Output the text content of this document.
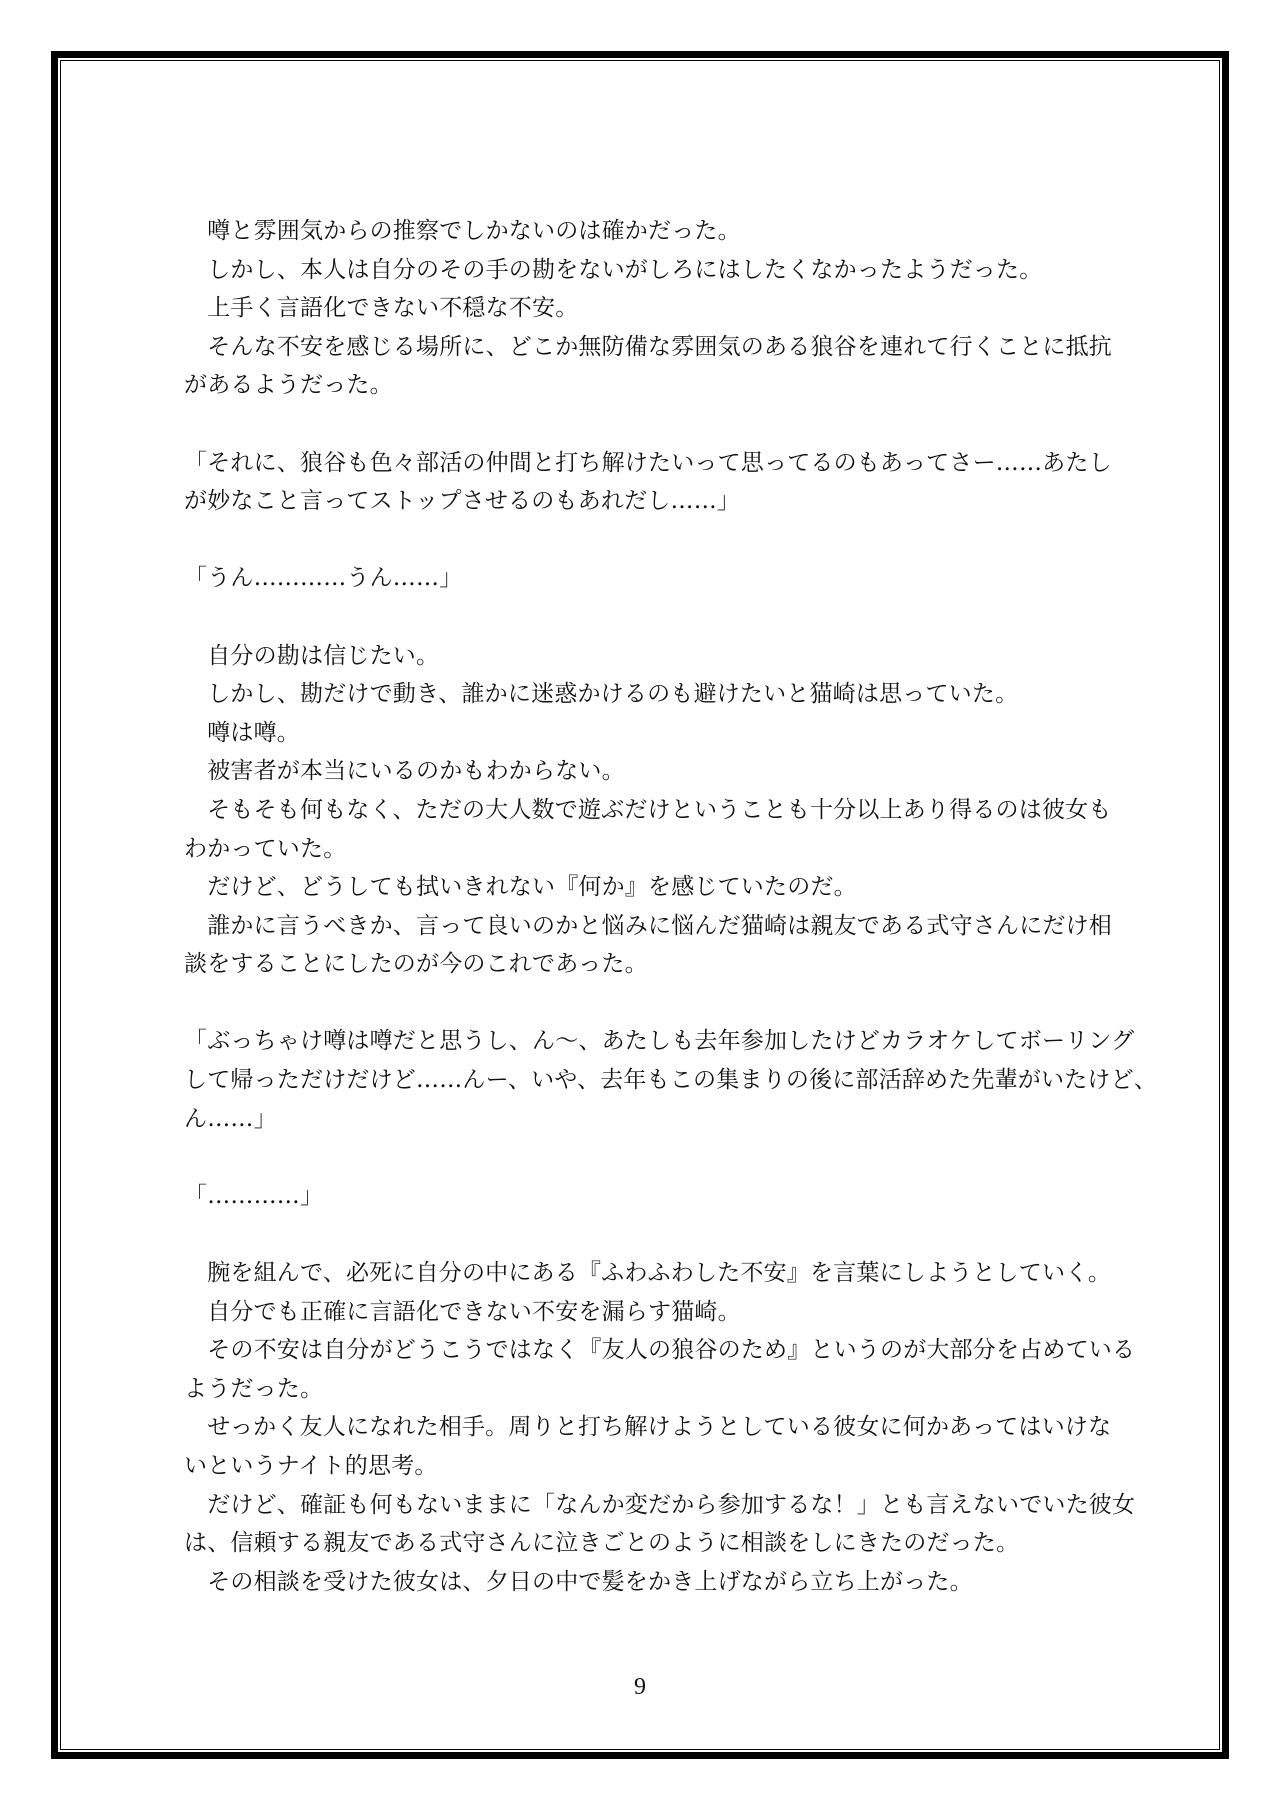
　噂と雰囲気からの推察でしかないのは確かだった。
　しかし、本人は自分のその手の勘をないがしろにはしたくなかったようだった。
　上手く言語化できない不穏な不安。
　そんな不安を感じる場所に、どこか無防備な雰囲気のある狼谷を連れて行くことに抵抗
があるようだった。
「それに、狼谷も色々部活の仲間と打ち解けたいって思ってるのもあってさー……あたし
が妙なこと言ってストップさせるのもあれだし……」
「うん…………うん……」
　自分の勘は信じたい。
　しかし、勘だけで動き、誰かに迷惑かけるのも避けたいと猫崎は思っていた。
　噂は噂。
　被害者が本当にいるのかもわからない。
　そもそも何もなく、ただの大人数で遊ぶだけということも十分以上あり得るのは彼女も
わかっていた。
　だけど、どうしても拭いきれない『何か』を感じていたのだ。
　誰かに言うべきか、言って良いのかと悩みに悩んだ猫崎は親友である式守さんにだけ相
談をすることにしたのが今のこれであった。
「ぶっちゃけ噂は噂だと思うし、ん～、あたしも去年参加したけどカラオケしてボーリング
して帰っただけだけど……んー、いや、去年もこの集まりの後に部活辞めた先輩がいたけど、
ん……」
「…………」
　腕を組んで、必死に自分の中にある『ふわふわした不安』を言葉にしようとしていく。
　自分でも正確に言語化できない不安を漏らす猫崎。
　その不安は自分がどうこうではなく『友人の狼谷のため』というのが大部分を占めている
ようだった。
　せっかく友人になれた相手。周りと打ち解けようとしている彼女に何かあってはいけな
いというナイト的思考。
　だけど、確証も何もないままに「なんか変だから参加するな！」とも言えないでいた彼女
は、信頼する親友である式守さんに泣きごとのように相談をしにきたのだった。
　その相談を受けた彼女は、夕日の中で髪をかき上げながら立ち上がった。
9
